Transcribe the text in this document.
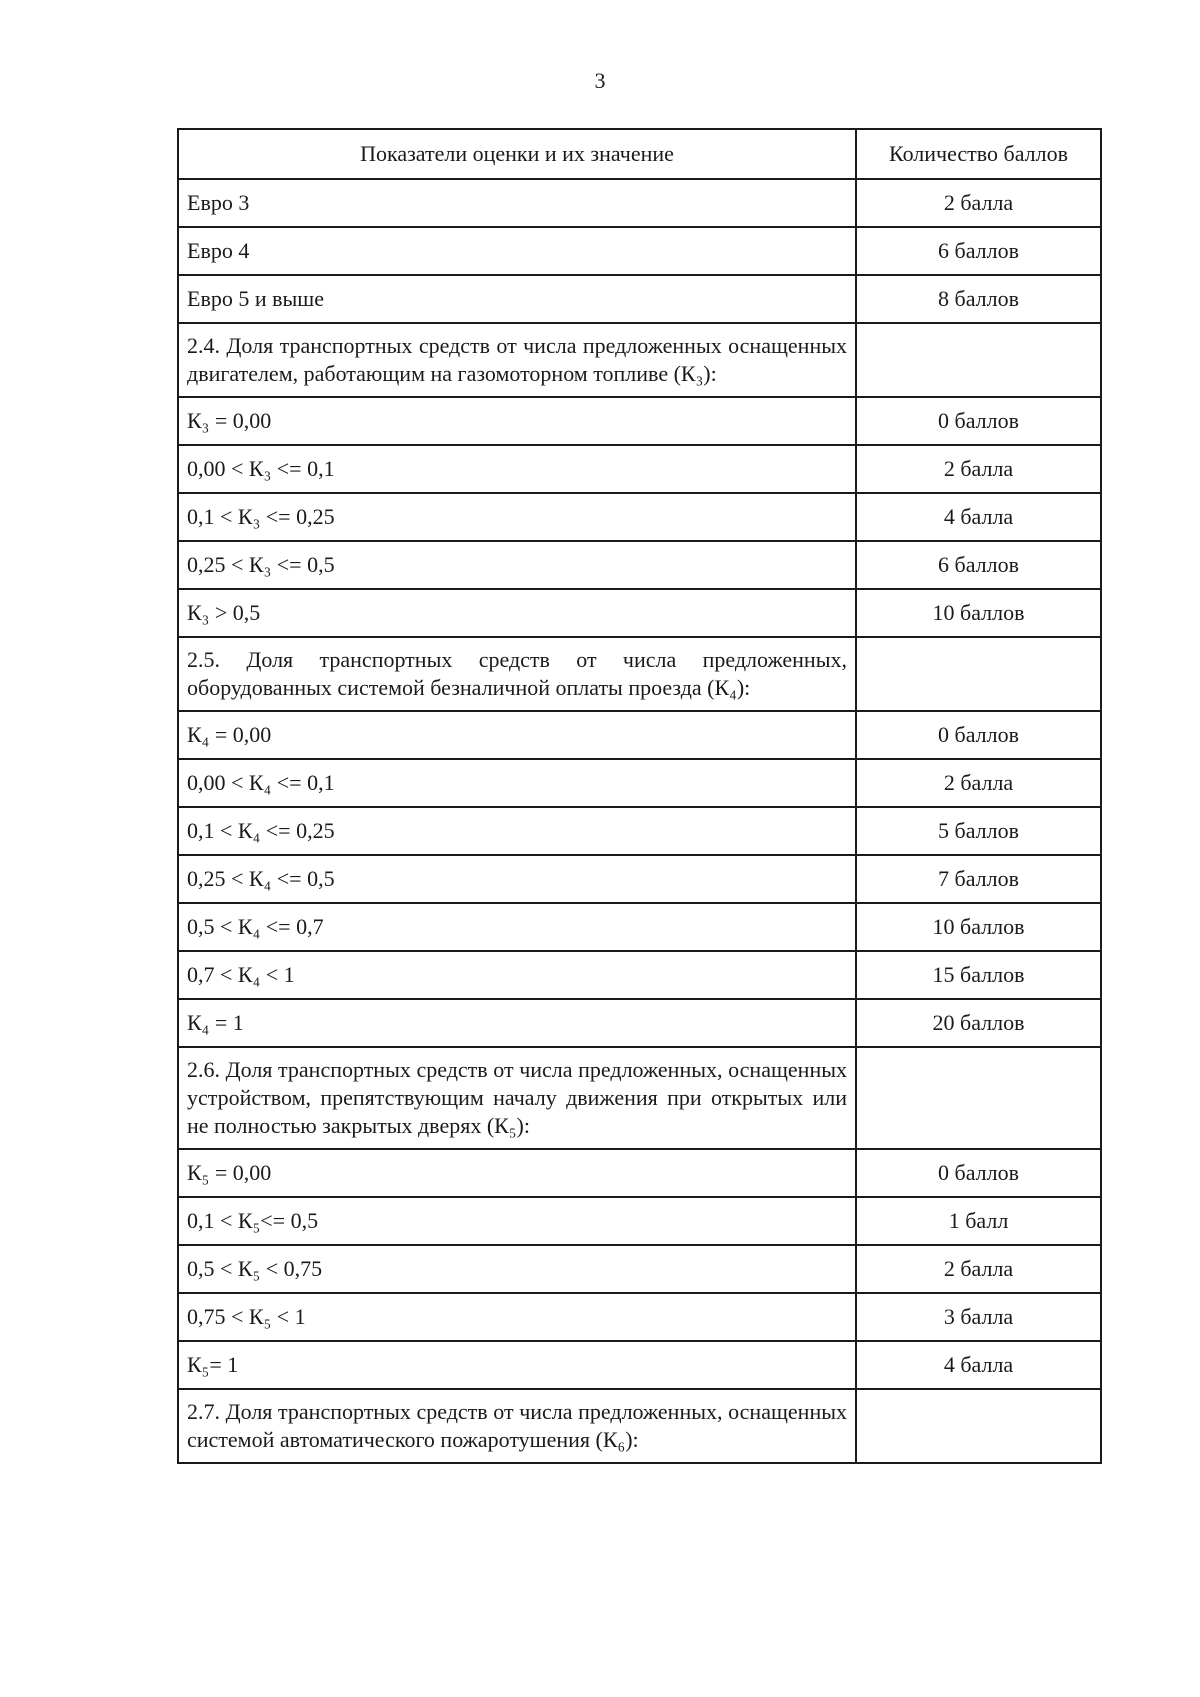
3
Показатели оценки и их значение	Количество баллов
Евро 3	2 балла
Евро 4	6 баллов
Евро 5 и выше	8 баллов
2.4. Доля транспортных средств от числа предложенных оснащенных двигателем, работающим на газомоторном топливе (К₃):	
К₃ = 0,00	0 баллов
0,00 < К₃ <= 0,1	2 балла
0,1 < К₃ <= 0,25	4 балла
0,25 < К₃ <= 0,5	6 баллов
К₃ > 0,5	10 баллов
2.5. Доля транспортных средств от числа предложенных, оборудованных системой безналичной оплаты проезда (К₄):	
К₄ = 0,00	0 баллов
0,00 < К₄ <= 0,1	2 балла
0,1 < К₄ <= 0,25	5 баллов
0,25 < К₄ <= 0,5	7 баллов
0,5 < К₄ <= 0,7	10 баллов
0,7 < К₄ < 1	15 баллов
К₄ = 1	20 баллов
2.6. Доля транспортных средств от числа предложенных, оснащенных устройством, препятствующим началу движения при открытых или не полностью закрытых дверях (К₅):	
К₅ = 0,00	0 баллов
0,1 < К₅<= 0,5	1 балл
0,5 < К₅ < 0,75	2 балла
0,75 < К₅ < 1	3 балла
К₅= 1	4 балла
2.7. Доля транспортных средств от числа предложенных, оснащенных системой автоматического пожаротушения (К₆):	
